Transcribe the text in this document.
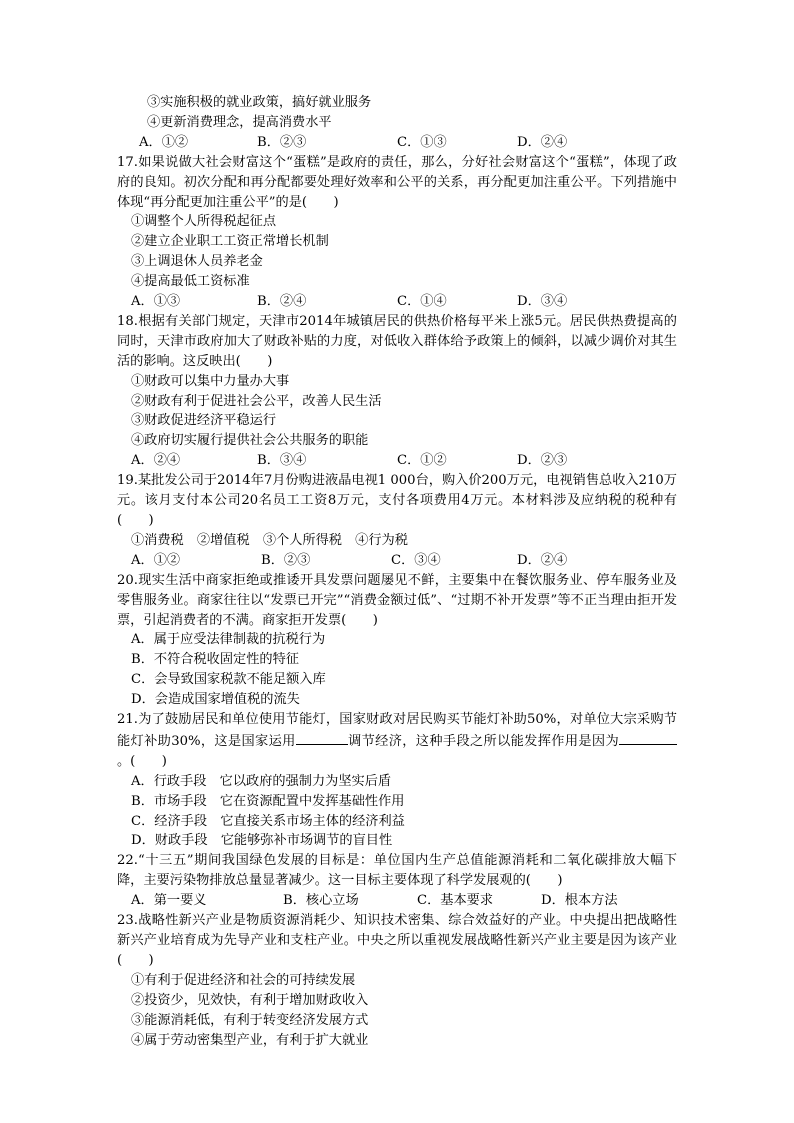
③实施积极的就业政策，搞好就业服务

④更新消费理念，提高消费水平

A．①②	B．②③	C．①③	D．②④

17.如果说做大社会财富这个“蛋糕”是政府的责任，那么，分好社会财富这个“蛋糕”，体现了政府的良知。初次分配和再分配都要处理好效率和公平的关系，再分配更加注重公平。下列措施中体现“再分配更加注重公平”的是(　　)

①调整个人所得税起征点

②建立企业职工工资正常增长机制

③上调退休人员养老金

④提高最低工资标准

A．①③	B．②④	C．①④	D．③④

18.根据有关部门规定，天津市2014年城镇居民的供热价格每平米上涨5元。居民供热费提高的同时，天津市政府加大了财政补贴的力度，对低收入群体给予政策上的倾斜，以减少调价对其生活的影响。这反映出(　　)

①财政可以集中力量办大事

②财政有利于促进社会公平，改善人民生活

③财政促进经济平稳运行

④政府切实履行提供社会公共服务的职能

A．②④	B．③④	C．①②	D．②③

19.某批发公司于2014年7月份购进液晶电视1 000台，购入价200万元，电视销售总收入210万元。该月支付本公司20名员工工资8万元，支付各项费用4万元。本材料涉及应纳税的税种有(　　)

①消费税　②增值税　③个人所得税　④行为税

A．①②	B．②③	C．③④	D．②④

20.现实生活中商家拒绝或推诿开具发票问题屡见不鲜，主要集中在餐饮服务业、停车服务业及零售服务业。商家往往以“发票已开完”“消费金额过低”、“过期不补开发票”等不正当理由拒开发票，引起消费者的不满。商家拒开发票(　　)

A．属于应受法律制裁的抗税行为

B．不符合税收固定性的特征

C．会导致国家税款不能足额入库

D．会造成国家增值税的流失

21.为了鼓励居民和单位使用节能灯，国家财政对居民购买节能灯补助50%，对单位大宗采购节能灯补助30%，这是国家运用	调节经济，这种手段之所以能发挥作用是因为。(　　)

A．行政手段　它以政府的强制力为坚实后盾

B．市场手段　它在资源配置中发挥基础性作用

C．经济手段　它直接关系市场主体的经济利益

D．财政手段　它能够弥补市场调节的盲目性

22.“十三五”期间我国绿色发展的目标是：单位国内生产总值能源消耗和二氧化碳排放大幅下降，主要污染物排放总量显著减少。这一目标主要体现了科学发展观的(　　)

A．第一要义	B．核心立场	C．基本要求	D．根本方法

23.战略性新兴产业是物质资源消耗少、知识技术密集、综合效益好的产业。中央提出把战略性新兴产业培育成为先导产业和支柱产业。中央之所以重视发展战略性新兴产业主要是因为该产业(　　)

①有利于促进经济和社会的可持续发展

②投资少，见效快，有利于增加财政收入

③能源消耗低，有利于转变经济发展方式

④属于劳动密集型产业，有利于扩大就业
